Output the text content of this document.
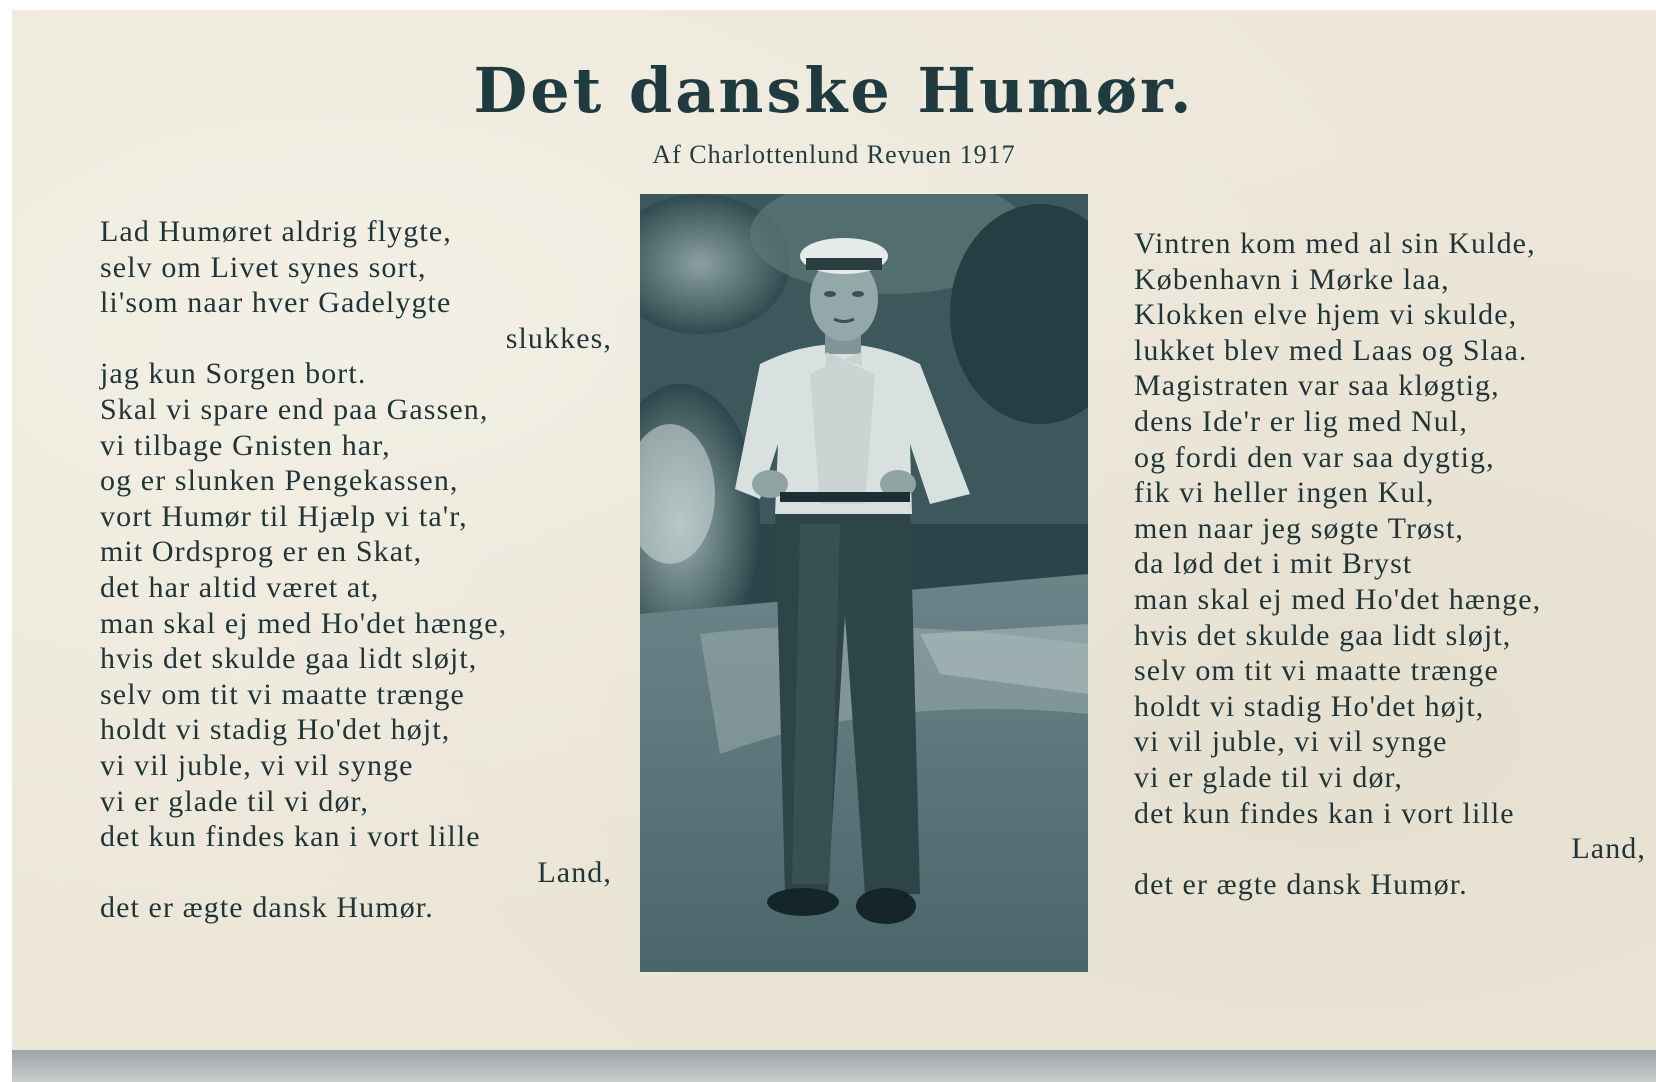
Det danske Humør.
Af Charlottenlund Revuen 1917
Lad Humøret aldrig flygte,
selv om Livet synes sort,
li'som naar hver Gadelygte
slukkes,
jag kun Sorgen bort.
Skal vi spare end paa Gassen,
vi tilbage Gnisten har,
og er slunken Pengekassen,
vort Humør til Hjælp vi ta'r,
mit Ordsprog er en Skat,
det har altid været at,
man skal ej med Ho'det hænge,
hvis det skulde gaa lidt sløjt,
selv om tit vi maatte trænge
holdt vi stadig Ho'det højt,
vi vil juble, vi vil synge
vi er glade til vi dør,
det kun findes kan i vort lille
Land,
det er ægte dansk Humør.
Vintren kom med al sin Kulde,
København i Mørke laa,
Klokken elve hjem vi skulde,
lukket blev med Laas og Slaa.
Magistraten var saa kløgtig,
dens Ide'r er lig med Nul,
og fordi den var saa dygtig,
fik vi heller ingen Kul,
men naar jeg søgte Trøst,
da lød det i mit Bryst
man skal ej med Ho'det hænge,
hvis det skulde gaa lidt sløjt,
selv om tit vi maatte trænge
holdt vi stadig Ho'det højt,
vi vil juble, vi vil synge
vi er glade til vi dør,
det kun findes kan i vort lille
Land,
det er ægte dansk Humør.
